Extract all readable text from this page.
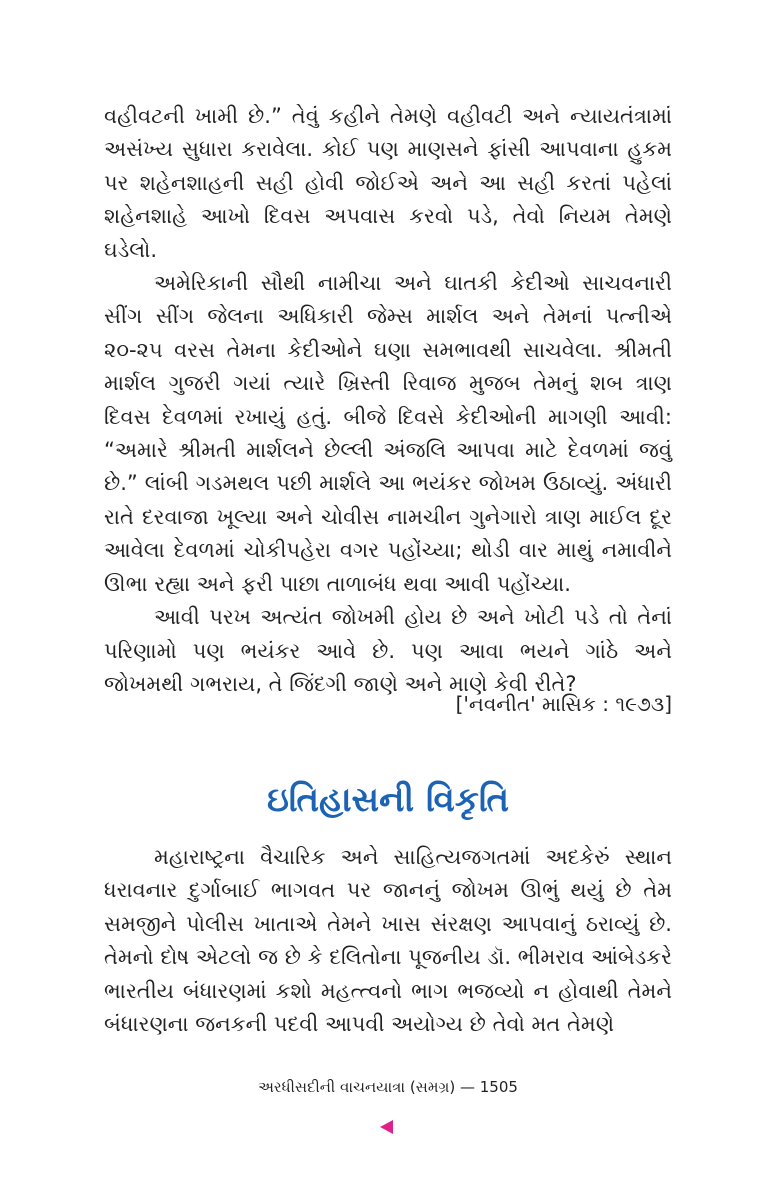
વહીવટની ખામી છે.” તેવું કહીને તેમણે વહીવટી અને ન્યાયતંત્રામાં અસંખ્ય સુધારા કરાવેલા. કોઈ પણ માણસને ફાંસી આપવાના હુકમ પર શહેનશાહની સહી હોવી જોઈએ અને આ સહી કરતાં પહેલાં શહેનશાહે આખો દિવસ અપવાસ કરવો પડે, તેવો નિયમ તેમણે ઘડેલો.

અમેરિકાની સૌથી નામીચા અને ઘાતકી કેદીઓ સાચવનારી સીંગ સીંગ જેલના અધિકારી જેમ્સ માર્શલ અને તેમનાં પત્નીએ ૨૦-૨૫ વરસ તેમના કેદીઓને ઘણા સમભાવથી સાચવેલા. શ્રીમતી માર્શલ ગુજરી ગયાં ત્યારે ખ્રિસ્તી રિવાજ મુજબ તેમનું શબ ત્રાણ દિવસ દેવળમાં રખાયું હતું. બીજે દિવસે કેદીઓની માગણી આવી: “અમારે શ્રીમતી માર્શલને છેલ્લી અંજલિ આપવા માટે દેવળમાં જવું છે.” લાંબી ગડમથલ પછી માર્શલે આ ભયંકર જોખમ ઉઠાવ્યું. અંધારી રાતે દરવાજા ખૂલ્યા અને ચોવીસ નામચીન ગુનેગારો ત્રાણ માઈલ દૂર આવેલા દેવળમાં ચોકીપહેરા વગર પહોંચ્યા; થોડી વાર માથું નમાવીને ઊભા રહ્યા અને ફરી પાછા તાળાબંધ થવા આવી પહોંચ્યા.

આવી પરખ અત્યંત જોખમી હોય છે અને ખોટી પડે તો તેનાં પરિણામો પણ ભયંકર આવે છે. પણ આવા ભયને ગાંઠે અને જોખમથી ગભરાય, તે જિંદગી જાણે અને માણે કેવી રીતે?

['નવનીત' માસિક : ૧૯૭૩]
ઇતિહાસની વિકૃતિ

મહારાષ્ટ્રના વૈચારિક અને સાહિત્યજગતમાં અદકેરું સ્થાન ધરાવનાર દુર્ગાબાઈ ભાગવત પર જાનનું જોખમ ઊભું થયું છે તેમ સમજીને પોલીસ ખાતાએ તેમને ખાસ સંરક્ષણ આપવાનું ઠરાવ્યું છે. તેમનો દોષ એટલો જ છે કે દલિતોના પૂજનીય ડૉ. ભીમરાવ આંબેડકરે ભારતીય બંધારણમાં કશો મહત્ત્વનો ભાગ ભજવ્યો ન હોવાથી તેમને બંધારણના જનકની પદવી આપવી અયોગ્ય છે તેવો મત તેમણે

અરધીસદીની વાચનયાત્રા (સમગ્ર) — 1505
